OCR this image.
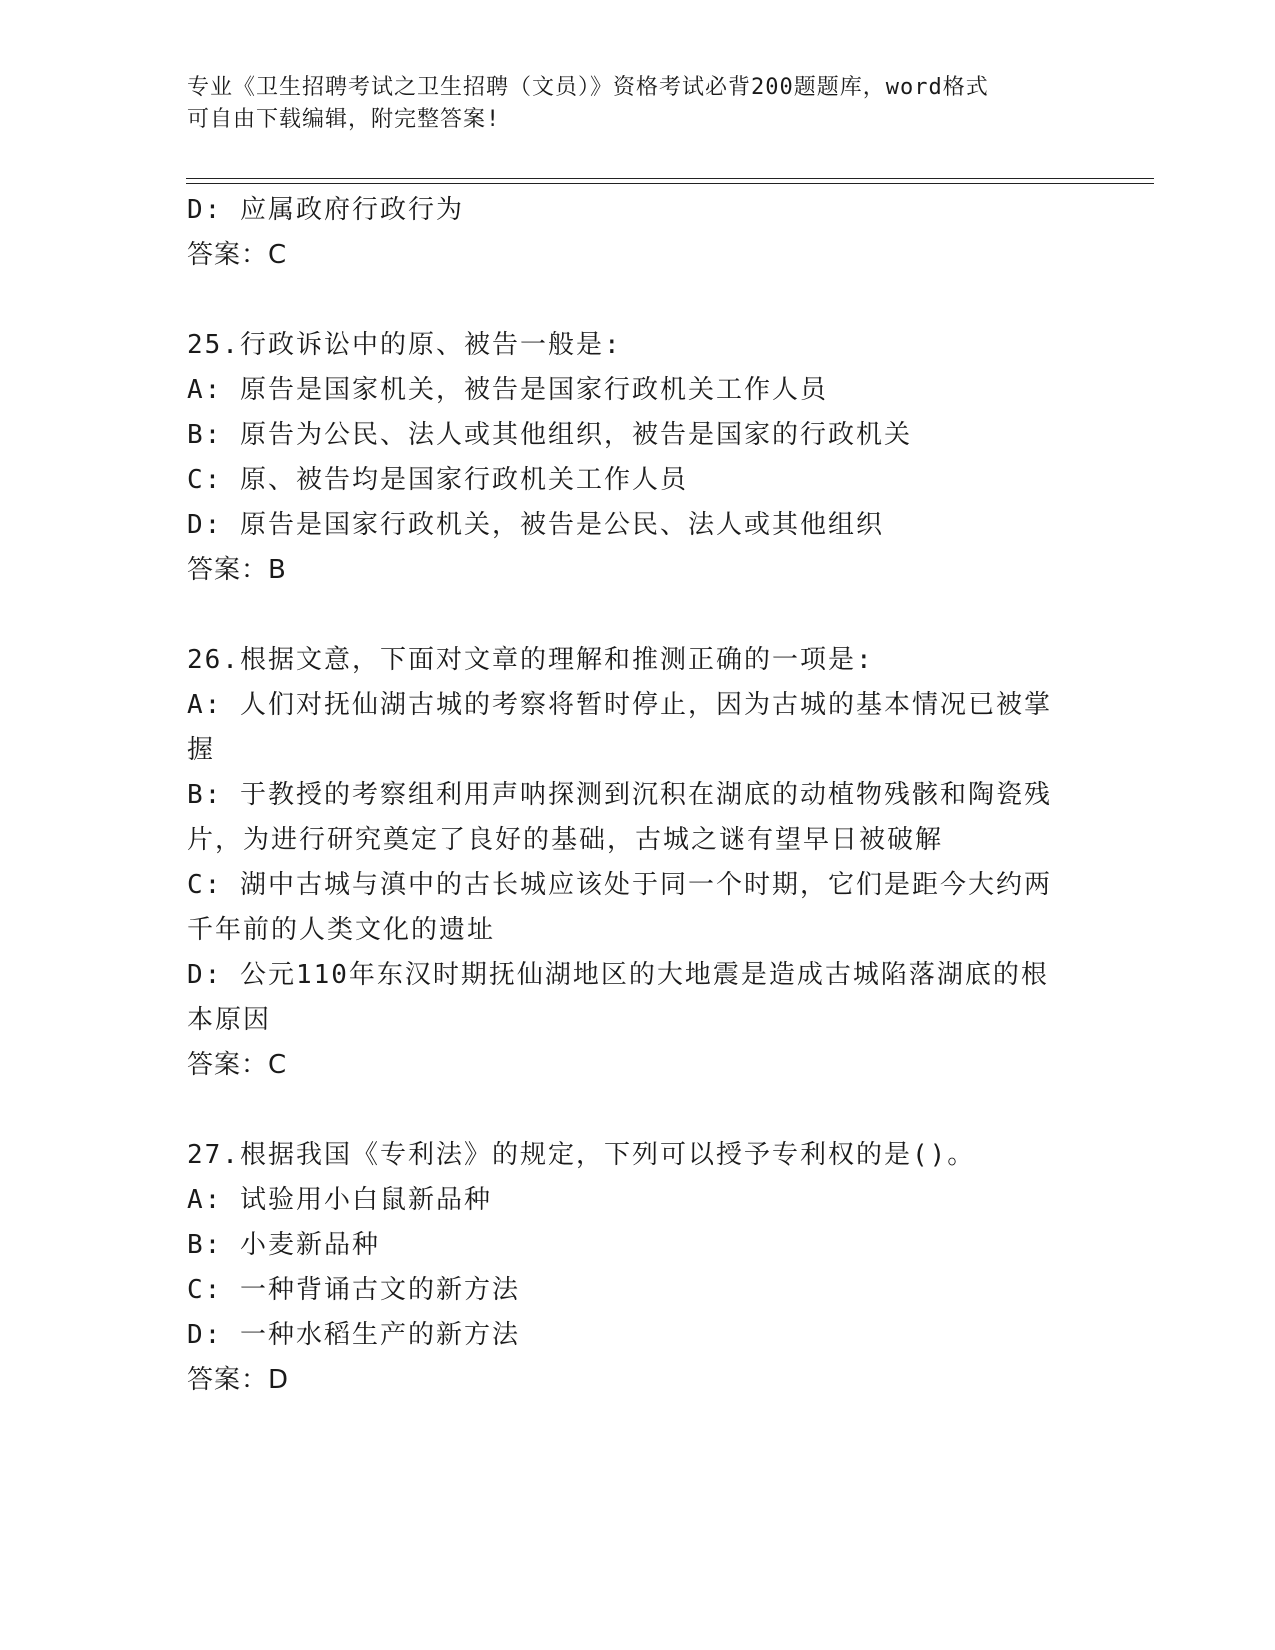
专业《卫生招聘考试之卫生招聘（文员）》资格考试必背200题题库，word格式
可自由下载编辑，附完整答案!
D: 应属政府行政行为
答案：C
25.行政诉讼中的原、被告一般是:
A: 原告是国家机关，被告是国家行政机关工作人员
B: 原告为公民、法人或其他组织，被告是国家的行政机关
C: 原、被告均是国家行政机关工作人员
D: 原告是国家行政机关，被告是公民、法人或其他组织
答案：B
26.根据文意，下面对文章的理解和推测正确的一项是:
A: 人们对抚仙湖古城的考察将暂时停止，因为古城的基本情况已被掌
握
B: 于教授的考察组利用声呐探测到沉积在湖底的动植物残骸和陶瓷残
片，为进行研究奠定了良好的基础，古城之谜有望早日被破解
C: 湖中古城与滇中的古长城应该处于同一个时期，它们是距今大约两
千年前的人类文化的遗址
D: 公元110年东汉时期抚仙湖地区的大地震是造成古城陷落湖底的根
本原因
答案：C
27.根据我国《专利法》的规定，下列可以授予专利权的是()。
A: 试验用小白鼠新品种
B: 小麦新品种
C: 一种背诵古文的新方法
D: 一种水稻生产的新方法
答案：D
